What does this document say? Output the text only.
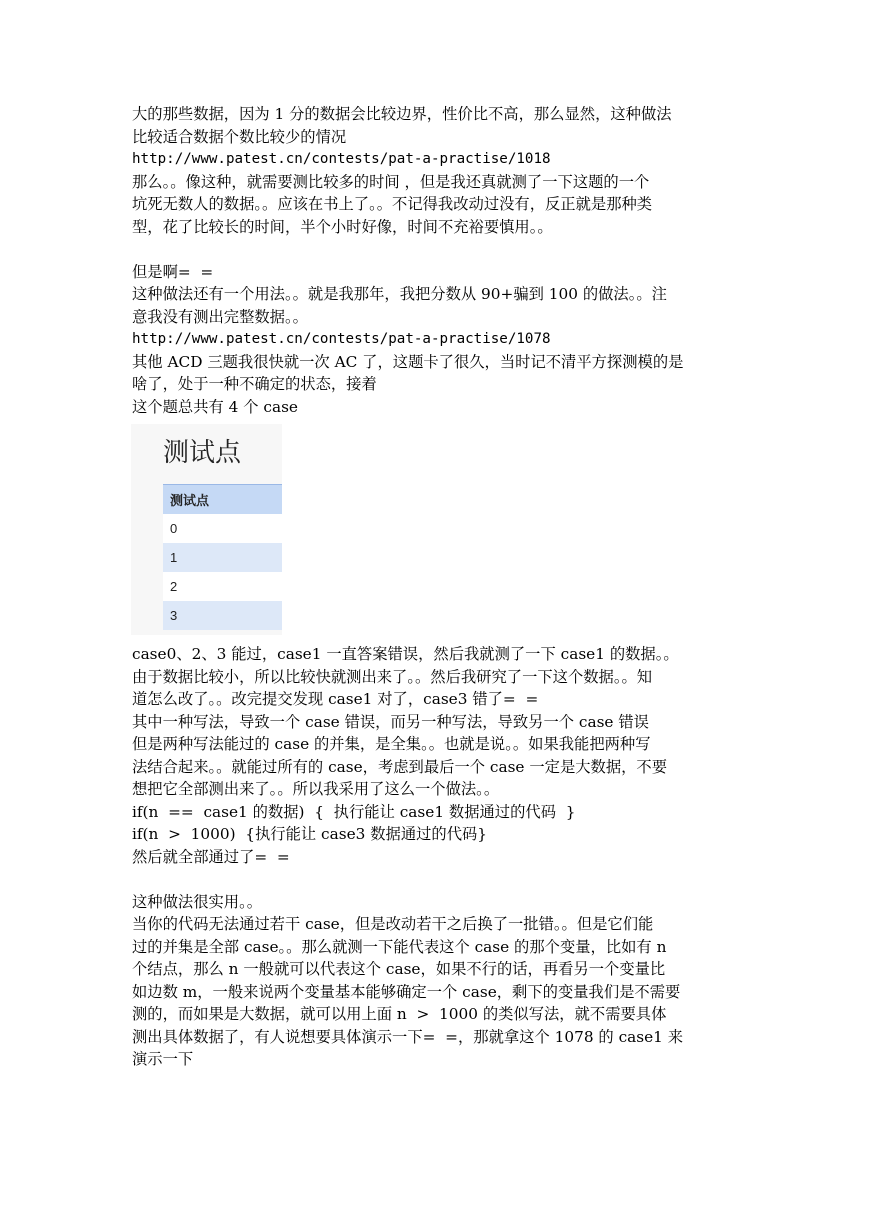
大的那些数据，因为 1 分的数据会比较边界，性价比不高，那么显然，这种做法
比较适合数据个数比较少的情况
http://www.patest.cn/contests/pat-a-practise/1018
那么。。像这种，就需要测比较多的时间 ，但是我还真就测了一下这题的一个
坑死无数人的数据。。应该在书上了。。不记得我改动过没有，反正就是那种类
型，花了比较长的时间，半个小时好像，时间不充裕要慎用。。
但是啊=  =
这种做法还有一个用法。。就是我那年，我把分数从 90+骗到 100 的做法。。注
意我没有测出完整数据。。
http://www.patest.cn/contests/pat-a-practise/1078
其他 ACD 三题我很快就一次 AC 了，这题卡了很久，当时记不清平方探测模的是
啥了，处于一种不确定的状态，接着
这个题总共有 4 个 case
测试点
测试点
0
1
2
3
case0、2、3 能过，case1 一直答案错误，然后我就测了一下 case1 的数据。。
由于数据比较小，所以比较快就测出来了。。然后我研究了一下这个数据。。知
道怎么改了。。改完提交发现 case1 对了，case3 错了=  =
其中一种写法，导致一个 case 错误，而另一种写法，导致另一个 case 错误
但是两种写法能过的 case 的并集，是全集。。也就是说。。如果我能把两种写
法结合起来。。就能过所有的 case，考虑到最后一个 case 一定是大数据，不要
想把它全部测出来了。。所以我采用了这么一个做法。。
if(n  ==  case1 的数据)  {  执行能让 case1 数据通过的代码  }
if(n  >  1000)  {执行能让 case3 数据通过的代码}
然后就全部通过了=  =
这种做法很实用。。
当你的代码无法通过若干 case，但是改动若干之后换了一批错。。但是它们能
过的并集是全部 case。。那么就测一下能代表这个 case 的那个变量，比如有 n
个结点，那么 n 一般就可以代表这个 case，如果不行的话，再看另一个变量比
如边数 m，一般来说两个变量基本能够确定一个 case，剩下的变量我们是不需要
测的，而如果是大数据，就可以用上面 n  >  1000 的类似写法，就不需要具体
测出具体数据了，有人说想要具体演示一下=  =，那就拿这个 1078 的 case1 来
演示一下
